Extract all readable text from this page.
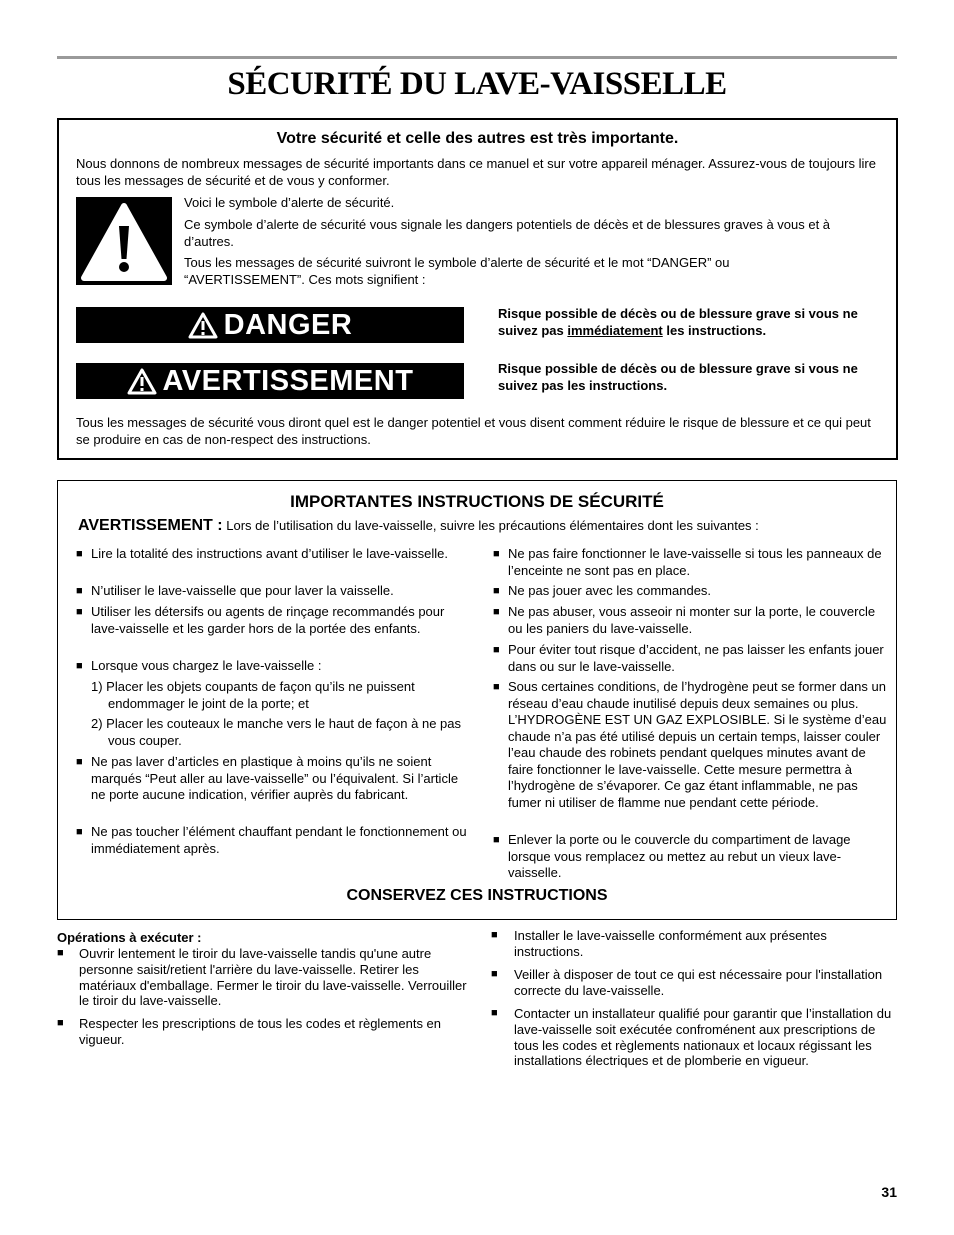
SÉCURITÉ DU LAVE-VAISSELLE
Votre sécurité et celle des autres est très importante.
Nous donnons de nombreux messages de sécurité importants dans ce manuel et sur votre appareil ménager. Assurez-vous de toujours lire tous les messages de sécurité et de vous y conformer.
Voici le symbole d’alerte de sécurité.
Ce symbole d’alerte de sécurité vous signale les dangers potentiels de décès et de blessures graves à vous et à d’autres.
Tous les messages de sécurité suivront le symbole d’alerte de sécurité et le mot “DANGER” ou “AVERTISSEMENT”. Ces mots signifient :
DANGER	Risque possible de décès ou de blessure grave si vous ne suivez pas immédiatement les instructions.
AVERTISSEMENT	Risque possible de décès ou de blessure grave si vous ne suivez pas les instructions.
Tous les messages de sécurité vous diront quel est le danger potentiel et vous disent comment réduire le risque de blessure et ce qui peut se produire en cas de non-respect des instructions.
IMPORTANTES INSTRUCTIONS DE SÉCURITÉ
AVERTISSEMENT : Lors de l’utilisation du lave-vaisselle, suivre les précautions élémentaires dont les suivantes :
■ Lire la totalité des instructions avant d’utiliser le lave-vaisselle.
■ N’utiliser le lave-vaisselle que pour laver la vaisselle.
■ Utiliser les détersifs ou agents de rinçage recommandés pour lave-vaisselle et les garder hors de la portée des enfants.
■ Lorsque vous chargez le lave-vaisselle :
1) Placer les objets coupants de façon qu’ils ne puissent endommager le joint de la porte; et
2) Placer les couteaux le manche vers le haut de façon à ne pas vous couper.
■ Ne pas laver d’articles en plastique à moins qu’ils ne soient marqués “Peut aller au lave-vaisselle” ou l’équivalent. Si l’article ne porte aucune indication, vérifier auprès du fabricant.
■ Ne pas toucher l’élément chauffant pendant le fonctionnement ou immédiatement après.
■ Ne pas faire fonctionner le lave-vaisselle si tous les panneaux de l’enceinte ne sont pas en place.
■ Ne pas jouer avec les commandes.
■ Ne pas abuser, vous asseoir ni monter sur la porte, le couvercle ou les paniers du lave-vaisselle.
■ Pour éviter tout risque d’accident, ne pas laisser les enfants jouer dans ou sur le lave-vaisselle.
■ Sous certaines conditions, de l’hydrogène peut se former dans un réseau d’eau chaude inutilisé depuis deux semaines ou plus. L’HYDROGÈNE EST UN GAZ EXPLOSIBLE. Si le système d’eau chaude n’a pas été utilisé depuis un certain temps, laisser couler l’eau chaude des robinets pendant quelques minutes avant de faire fonctionner le lave-vaisselle. Cette mesure permettra à l’hydrogène de s’évaporer. Ce gaz étant inflammable, ne pas fumer ni utiliser de flamme nue pendant cette période.
■ Enlever la porte ou le couvercle du compartiment de lavage lorsque vous remplacez ou mettez au rebut un vieux lave-vaisselle.
CONSERVEZ CES INSTRUCTIONS
Opérations à exécuter :
■ Ouvrir lentement le tiroir du lave-vaisselle tandis qu'une autre personne saisit/retient l'arrière du lave-vaisselle. Retirer les matériaux d'emballage. Fermer le tiroir du lave-vaisselle. Verrouiller le tiroir du lave-vaisselle.
■ Respecter les prescriptions de tous les codes et règlements en vigueur.
■ Installer le lave-vaisselle conformément aux présentes instructions.
■ Veiller à disposer de tout ce qui est nécessaire pour l'installation correcte du lave-vaisselle.
■ Contacter un installateur qualifié pour garantir que l’installation du lave-vaisselle soit exécutée confroménent aux prescriptions de tous les codes et règlements nationaux et locaux régissant les installations électriques et de plomberie en vigueur.
31
